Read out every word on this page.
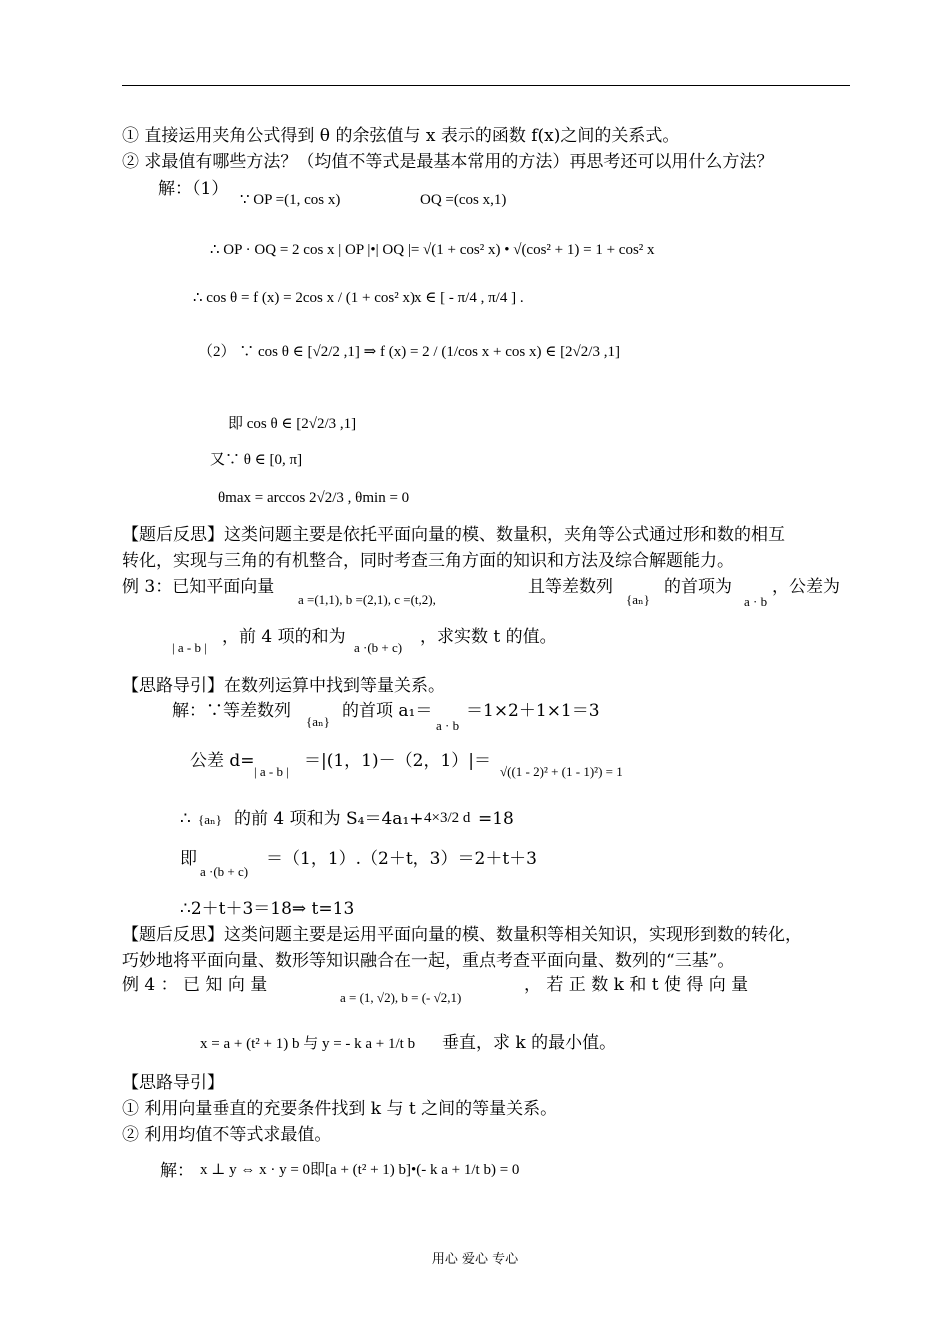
① 直接运用夹角公式得到 θ 的余弦值与 x 表示的函数 f(x)之间的关系式。
② 求最值有哪些方法？（均值不等式是最基本常用的方法）再思考还可以用什么方法？
解：（1）
∵ OP =(1, cos x)	OQ =(cos x,1)
∴ OP · OQ = 2 cos x | OP |•| OQ |= √(1 + cos² x) • √(cos² + 1) = 1 + cos² x
∴ cos θ = f (x) = 2cos x / (1 + cos² x) x ∈ [ - π/4 , π/4 ] .
（2） ∵ cos θ ∈ [√2/2 ,1] ⇒ f (x) = 2 / (1/cos x + cos x) ∈ [2√2/3 ,1]
即 cos θ ∈ [2√2/3 ,1]
又∵ θ ∈ [0, π]
θmax = arccos 2√2/3 , θmin = 0
【题后反思】这类问题主要是依托平面向量的模、数量积，夹角等公式通过形和数的相互
转化，实现与三角的有机整合，同时考查三角方面的知识和方法及综合解题能力。
例 3：已知平面向量
a =(1,1), b =(2,1), c =(t,2),
且等差数列
{aₙ}
的首项为
a · b
，公差为
| a - b |
，前 4 项的和为
a ·(b + c)
，求实数 t 的值。
【思路导引】在数列运算中找到等量关系。
解：∵等差数列
{aₙ}
的首项 a₁＝
a · b
＝1×2＋1×1＝3
公差 d=
| a - b |
＝|(1，1)－（2，1）|＝
√((1 - 2)² + (1 - 1)²) = 1
∴ {aₙ} 的前 4 项和为 S₄＝4a₁+ 4×3/2 d =18
即
a ·(b + c)
＝（1，1）.（2＋t，3）＝2＋t＋3
∴2＋t＋3＝18⇒ t=13
【题后反思】这类问题主要是运用平面向量的模、数量积等相关知识，实现形到数的转化，
巧妙地将平面向量、数形等知识融合在一起，重点考查平面向量、数列的“三基”。
例 4 ： 已 知 向 量
a = (1, √2), b = (- √2,1)
， 若 正 数 k 和 t 使 得 向 量
x = a + (t² + 1) b 与 y = - k a + 1/t b 垂直，求 k 的最小值。
【思路导引】
① 利用向量垂直的充要条件找到 k 与 t 之间的等量关系。
② 利用均值不等式求最值。
解： x ⊥ y ⇔ x · y = 0即[a + (t² + 1) b]•(- k a + 1/t b) = 0
用心 爱心 专心
